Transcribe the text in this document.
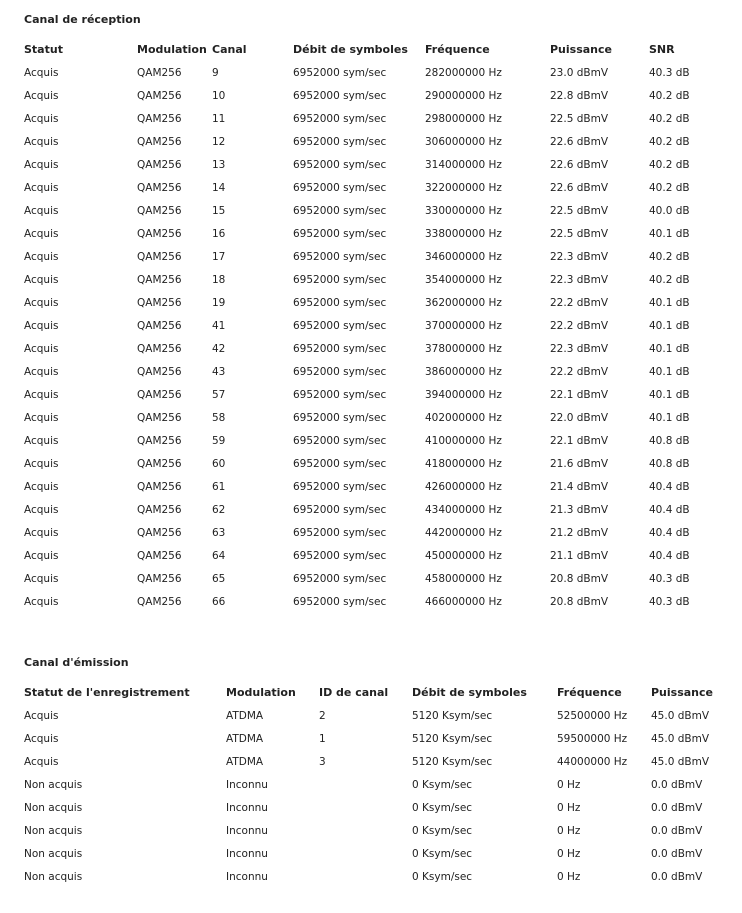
Canal de réception
Statut	Modulation	Canal	Débit de symboles	Fréquence	Puissance	SNR
Acquis	QAM256	9	6952000 sym/sec	282000000 Hz	23.0 dBmV	40.3 dB
Acquis	QAM256	10	6952000 sym/sec	290000000 Hz	22.8 dBmV	40.2 dB
Acquis	QAM256	11	6952000 sym/sec	298000000 Hz	22.5 dBmV	40.2 dB
Acquis	QAM256	12	6952000 sym/sec	306000000 Hz	22.6 dBmV	40.2 dB
Acquis	QAM256	13	6952000 sym/sec	314000000 Hz	22.6 dBmV	40.2 dB
Acquis	QAM256	14	6952000 sym/sec	322000000 Hz	22.6 dBmV	40.2 dB
Acquis	QAM256	15	6952000 sym/sec	330000000 Hz	22.5 dBmV	40.0 dB
Acquis	QAM256	16	6952000 sym/sec	338000000 Hz	22.5 dBmV	40.1 dB
Acquis	QAM256	17	6952000 sym/sec	346000000 Hz	22.3 dBmV	40.2 dB
Acquis	QAM256	18	6952000 sym/sec	354000000 Hz	22.3 dBmV	40.2 dB
Acquis	QAM256	19	6952000 sym/sec	362000000 Hz	22.2 dBmV	40.1 dB
Acquis	QAM256	41	6952000 sym/sec	370000000 Hz	22.2 dBmV	40.1 dB
Acquis	QAM256	42	6952000 sym/sec	378000000 Hz	22.3 dBmV	40.1 dB
Acquis	QAM256	43	6952000 sym/sec	386000000 Hz	22.2 dBmV	40.1 dB
Acquis	QAM256	57	6952000 sym/sec	394000000 Hz	22.1 dBmV	40.1 dB
Acquis	QAM256	58	6952000 sym/sec	402000000 Hz	22.0 dBmV	40.1 dB
Acquis	QAM256	59	6952000 sym/sec	410000000 Hz	22.1 dBmV	40.8 dB
Acquis	QAM256	60	6952000 sym/sec	418000000 Hz	21.6 dBmV	40.8 dB
Acquis	QAM256	61	6952000 sym/sec	426000000 Hz	21.4 dBmV	40.4 dB
Acquis	QAM256	62	6952000 sym/sec	434000000 Hz	21.3 dBmV	40.4 dB
Acquis	QAM256	63	6952000 sym/sec	442000000 Hz	21.2 dBmV	40.4 dB
Acquis	QAM256	64	6952000 sym/sec	450000000 Hz	21.1 dBmV	40.4 dB
Acquis	QAM256	65	6952000 sym/sec	458000000 Hz	20.8 dBmV	40.3 dB
Acquis	QAM256	66	6952000 sym/sec	466000000 Hz	20.8 dBmV	40.3 dB
Canal d'émission
Statut de l'enregistrement	Modulation	ID de canal	Débit de symboles	Fréquence	Puissance
Acquis	ATDMA	2	5120 Ksym/sec	52500000 Hz	45.0 dBmV
Acquis	ATDMA	1	5120 Ksym/sec	59500000 Hz	45.0 dBmV
Acquis	ATDMA	3	5120 Ksym/sec	44000000 Hz	45.0 dBmV
Non acquis	Inconnu		0 Ksym/sec	0 Hz	0.0 dBmV
Non acquis	Inconnu		0 Ksym/sec	0 Hz	0.0 dBmV
Non acquis	Inconnu		0 Ksym/sec	0 Hz	0.0 dBmV
Non acquis	Inconnu		0 Ksym/sec	0 Hz	0.0 dBmV
Non acquis	Inconnu		0 Ksym/sec	0 Hz	0.0 dBmV
